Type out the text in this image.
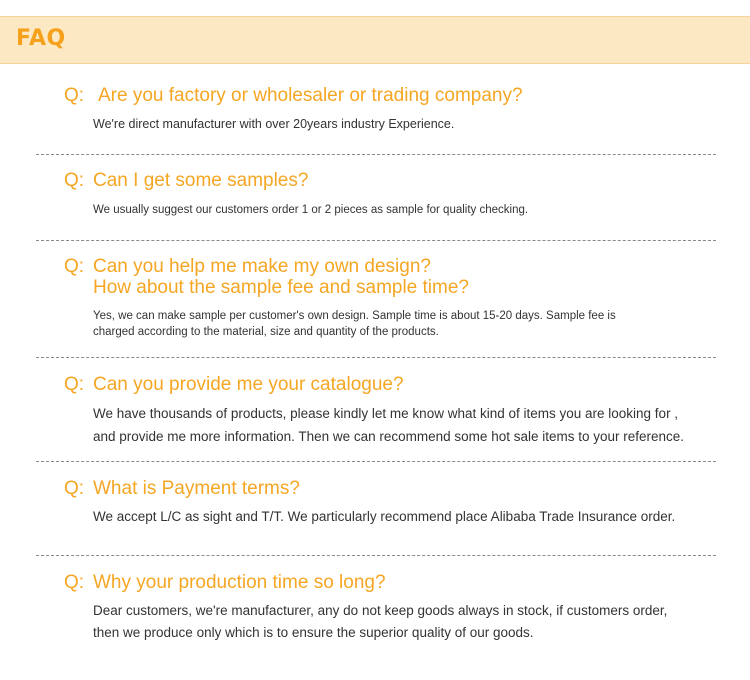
FAQ
Q: Are you factory or wholesaler or trading company?
We're direct manufacturer with over 20years industry Experience.
Q: Can I get some samples?
We usually suggest our customers order 1 or 2 pieces as sample for quality checking.
Q: Can you help me make my own design?
How about the sample fee and sample time?
Yes, we can make sample per customer's own design. Sample time is about 15-20 days. Sample fee is
charged according to the material, size and quantity of the products.
Q: Can you provide me your catalogue?
We have thousands of products, please kindly let me know what kind of items you are looking for ,
and provide me more information. Then we can recommend some hot sale items to your reference.
Q: What is Payment terms?
We accept L/C as sight and T/T. We particularly recommend place Alibaba Trade Insurance order.
Q: Why your production time so long?
Dear customers, we're manufacturer, any do not keep goods always in stock, if customers order,
then we produce only which is to ensure the superior quality of our goods.
